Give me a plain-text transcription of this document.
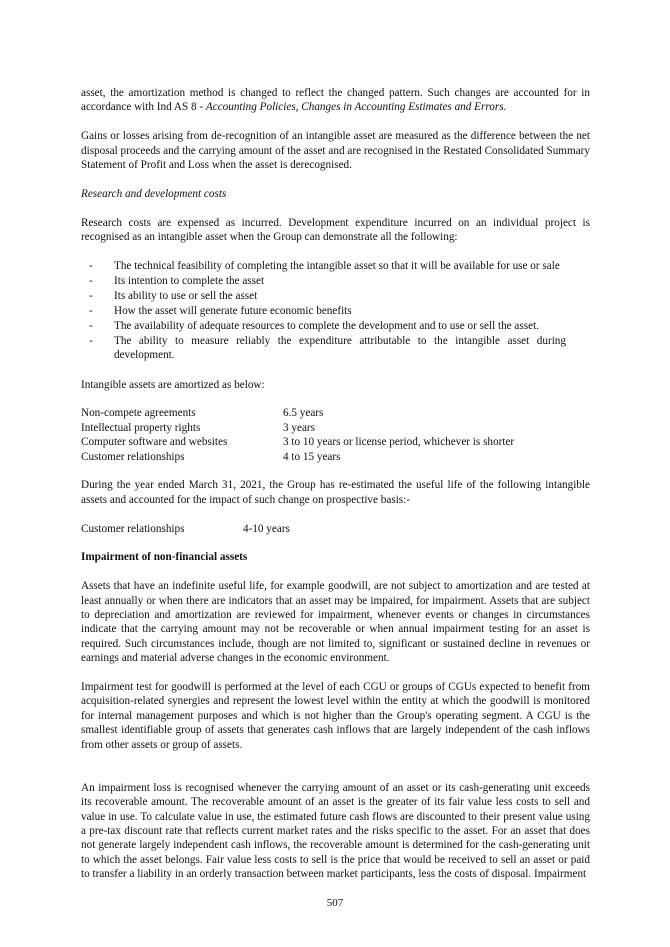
asset, the amortization method is changed to reflect the changed pattern. Such changes are accounted for in accordance with Ind AS 8 - Accounting Policies, Changes in Accounting Estimates and Errors.

Gains or losses arising from de-recognition of an intangible asset are measured as the difference between the net disposal proceeds and the carrying amount of the asset and are recognised in the Restated Consolidated Summary Statement of Profit and Loss when the asset is derecognised.

Research and development costs

Research costs are expensed as incurred. Development expenditure incurred on an individual project is recognised as an intangible asset when the Group can demonstrate all the following:

- The technical feasibility of completing the intangible asset so that it will be available for use or sale
- Its intention to complete the asset
- Its ability to use or sell the asset
- How the asset will generate future economic benefits
- The availability of adequate resources to complete the development and to use or sell the asset.
- The ability to measure reliably the expenditure attributable to the intangible asset during development.

Intangible assets are amortized as below:

Non-compete agreements	6.5 years
Intellectual property rights	3 years
Computer software and websites	3 to 10 years or license period, whichever is shorter
Customer relationships	4 to 15 years

During the year ended March 31, 2021, the Group has re-estimated the useful life of the following intangible assets and accounted for the impact of such change on prospective basis:-

Customer relationships	4-10 years

Impairment of non-financial assets

Assets that have an indefinite useful life, for example goodwill, are not subject to amortization and are tested at least annually or when there are indicators that an asset may be impaired, for impairment. Assets that are subject to depreciation and amortization are reviewed for impairment, whenever events or changes in circumstances indicate that the carrying amount may not be recoverable or when annual impairment testing for an asset is required. Such circumstances include, though are not limited to, significant or sustained decline in revenues or earnings and material adverse changes in the economic environment.

Impairment test for goodwill is performed at the level of each CGU or groups of CGUs expected to benefit from acquisition-related synergies and represent the lowest level within the entity at which the goodwill is monitored for internal management purposes and which is not higher than the Group's operating segment. A CGU is the smallest identifiable group of assets that generates cash inflows that are largely independent of the cash inflows from other assets or group of assets.

An impairment loss is recognised whenever the carrying amount of an asset or its cash-generating unit exceeds its recoverable amount. The recoverable amount of an asset is the greater of its fair value less costs to sell and value in use. To calculate value in use, the estimated future cash flows are discounted to their present value using a pre-tax discount rate that reflects current market rates and the risks specific to the asset. For an asset that does not generate largely independent cash inflows, the recoverable amount is determined for the cash-generating unit to which the asset belongs. Fair value less costs to sell is the price that would be received to sell an asset or paid to transfer a liability in an orderly transaction between market participants, less the costs of disposal. Impairment

507
